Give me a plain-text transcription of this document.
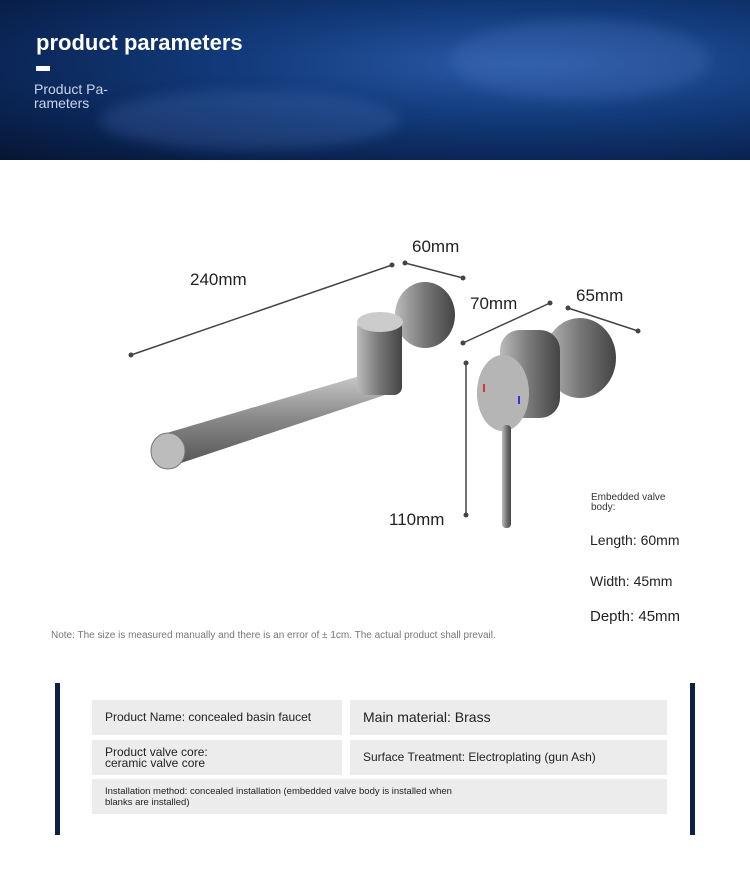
product parameters
Product Pa-rameters
240mm
60mm
70mm	65mm
110mm
Embedded valve body:
Length: 60mm
Width: 45mm
Depth: 45mm
Note: The size is measured manually and there is an error of ± 1cm. The actual product shall prevail.
Product Name: concealed basin faucet	Main material: Brass
Product valve core: ceramic valve core	Surface Treatment: Electroplating (gun Ash)
Installation method: concealed installation (embedded valve body is installed when blanks are installed)
